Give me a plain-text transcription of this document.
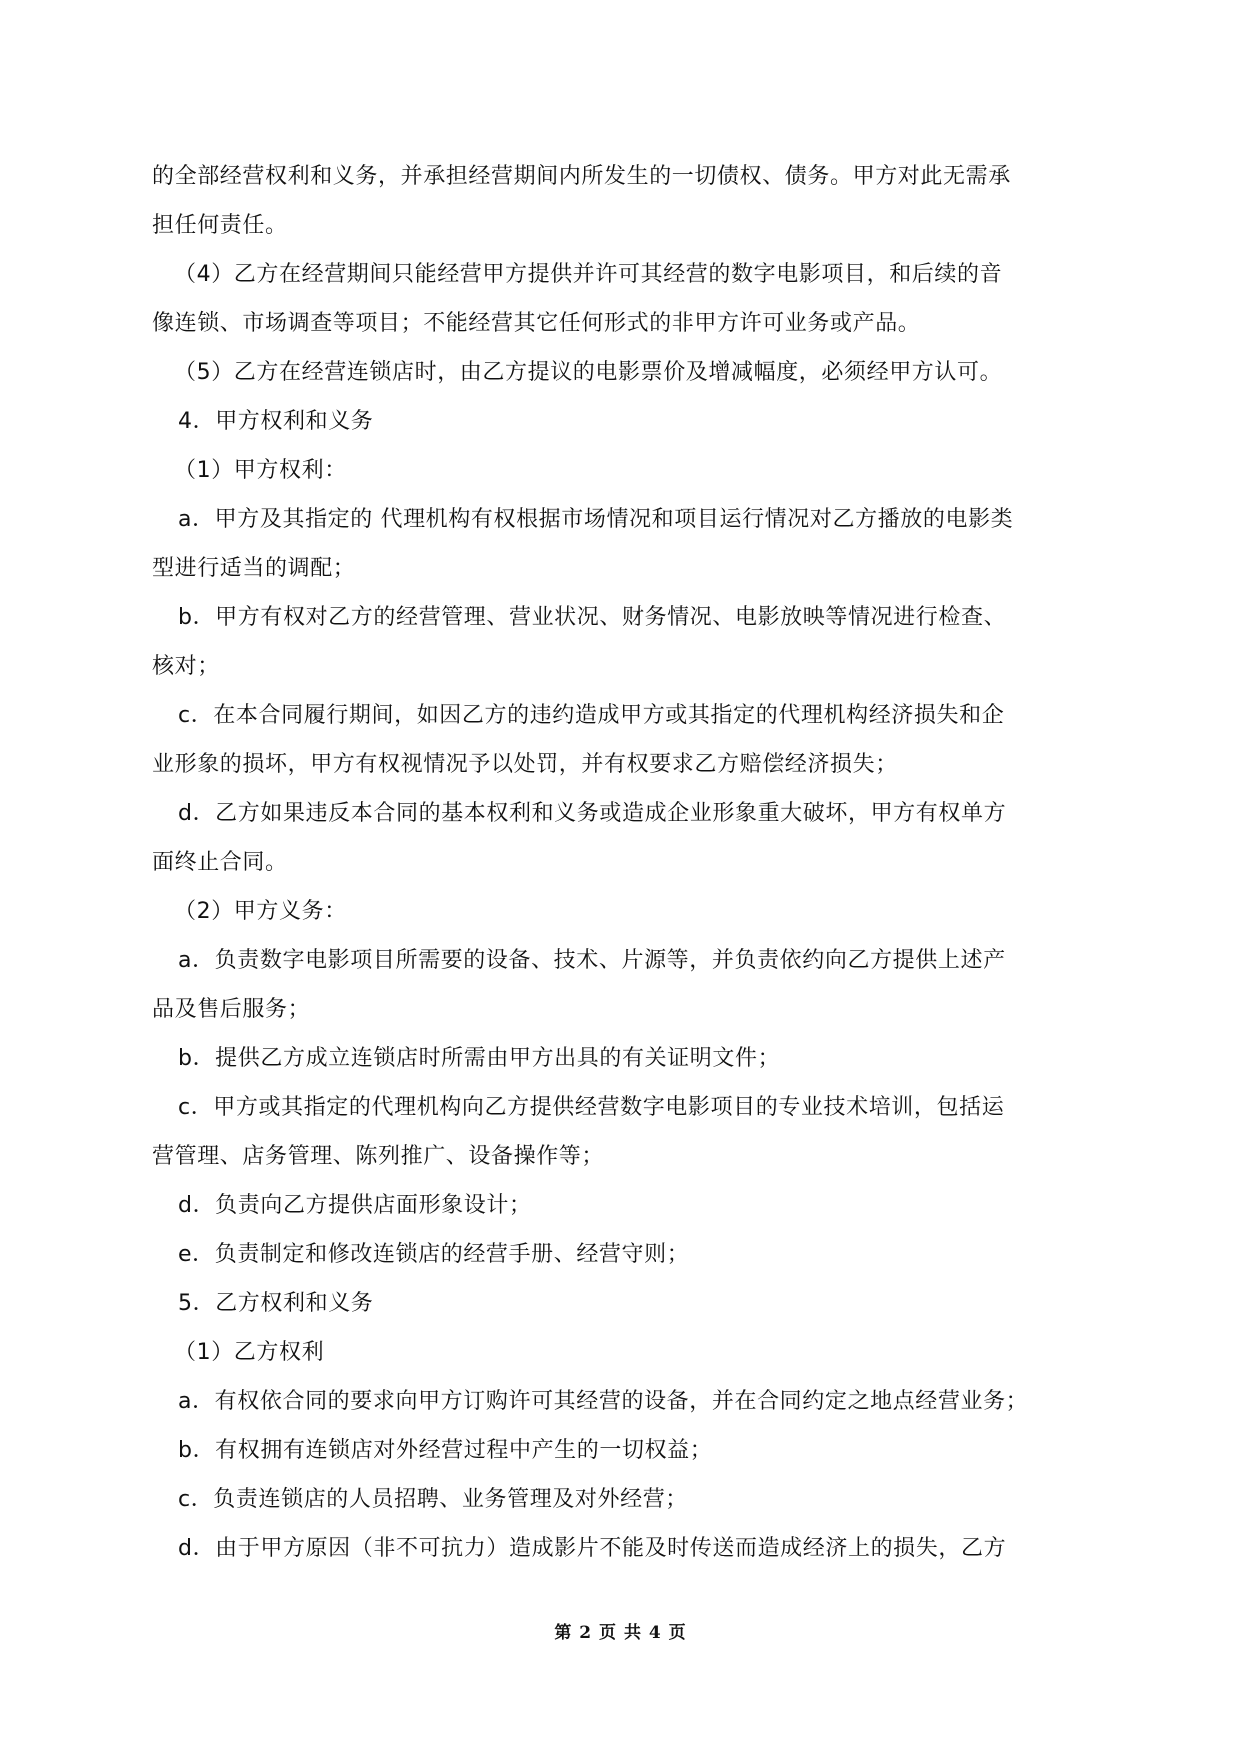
的全部经营权利和义务，并承担经营期间内所发生的一切债权、债务。甲方对此无需承
担任何责任。
（4）乙方在经营期间只能经营甲方提供并许可其经营的数字电影项目，和后续的音
像连锁、市场调查等项目；不能经营其它任何形式的非甲方许可业务或产品。
（5）乙方在经营连锁店时，由乙方提议的电影票价及增减幅度，必须经甲方认可。
4．甲方权利和义务
（1）甲方权利：
a．甲方及其指定的 代理机构有权根据市场情况和项目运行情况对乙方播放的电影类
型进行适当的调配；
b．甲方有权对乙方的经营管理、营业状况、财务情况、电影放映等情况进行检查、
核对；
c．在本合同履行期间，如因乙方的违约造成甲方或其指定的代理机构经济损失和企
业形象的损坏，甲方有权视情况予以处罚，并有权要求乙方赔偿经济损失；
d．乙方如果违反本合同的基本权利和义务或造成企业形象重大破坏，甲方有权单方
面终止合同。
（2）甲方义务：
a．负责数字电影项目所需要的设备、技术、片源等，并负责依约向乙方提供上述产
品及售后服务；
b．提供乙方成立连锁店时所需由甲方出具的有关证明文件；
c．甲方或其指定的代理机构向乙方提供经营数字电影项目的专业技术培训，包括运
营管理、店务管理、陈列推广、设备操作等；
d．负责向乙方提供店面形象设计；
e．负责制定和修改连锁店的经营手册、经营守则；
5．乙方权利和义务
（1）乙方权利
a．有权依合同的要求向甲方订购许可其经营的设备，并在合同约定之地点经营业务；
b．有权拥有连锁店对外经营过程中产生的一切权益；
c．负责连锁店的人员招聘、业务管理及对外经营；
d．由于甲方原因（非不可抗力）造成影片不能及时传送而造成经济上的损失，乙方
第 2 页 共 4 页
